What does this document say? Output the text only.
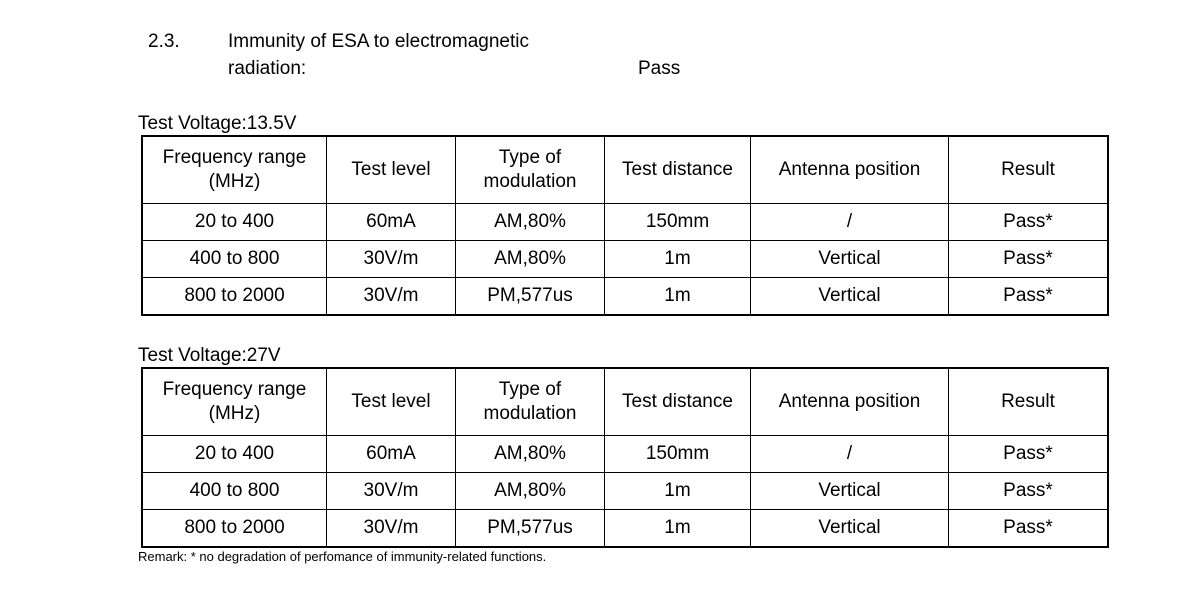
2.3.	Immunity of ESA to electromagnetic
radiation:	Pass
Test Voltage:13.5V
Test Voltage:27V
Frequency range (MHz)	Test level	Type of modulation	Test distance	Antenna position	Result
20 to 400	60mA	AM,80%	150mm	/	Pass*
400 to 800	30V/m	AM,80%	1m	Vertical	Pass*
800 to 2000	30V/m	PM,577us	1m	Vertical	Pass*
Frequency range (MHz)	Test level	Type of modulation	Test distance	Antenna position	Result
20 to 400	60mA	AM,80%	150mm	/	Pass*
400 to 800	30V/m	AM,80%	1m	Vertical	Pass*
800 to 2000	30V/m	PM,577us	1m	Vertical	Pass*
Remark: * no degradation of perfomance of immunity-related functions.
